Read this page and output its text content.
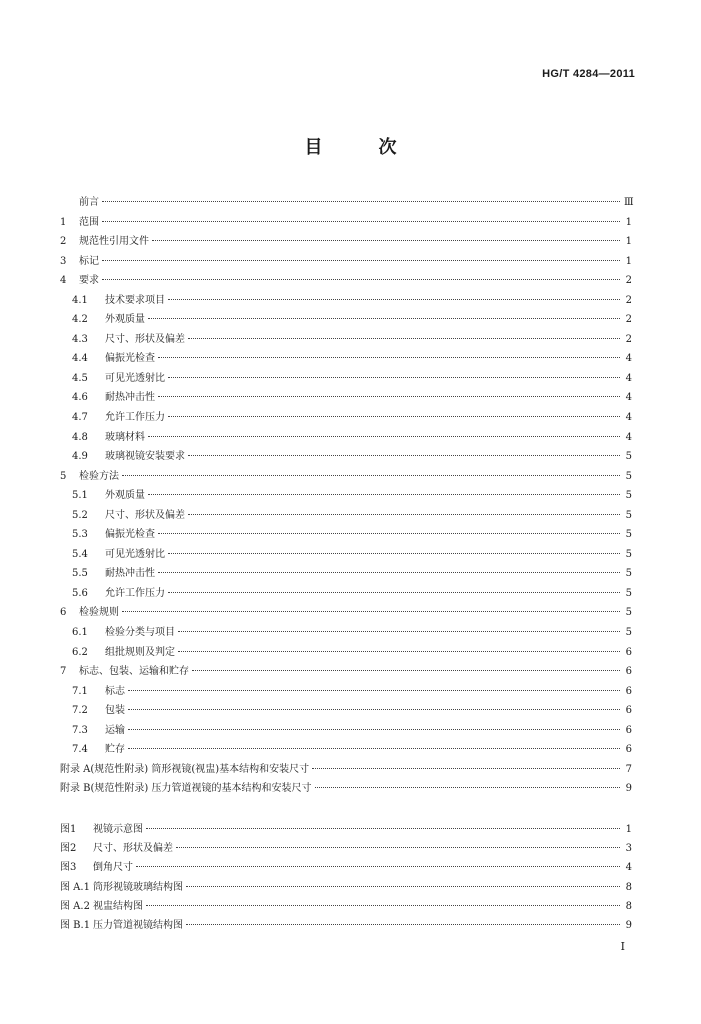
HG/T 4284—2011
目	次
前言	Ⅲ
1	范围	1
2	规范性引用文件	1
3	标记	1
4	要求	2
4.1	技术要求项目	2
4.2	外观质量	2
4.3	尺寸、形状及偏差	2
4.4	偏振光检查	4
4.5	可见光透射比	4
4.6	耐热冲击性	4
4.7	允许工作压力	4
4.8	玻璃材料	4
4.9	玻璃视镜安装要求	5
5	检验方法	5
5.1	外观质量	5
5.2	尺寸、形状及偏差	5
5.3	偏振光检查	5
5.4	可见光透射比	5
5.5	耐热冲击性	5
5.6	允许工作压力	5
6	检验规则	5
6.1	检验分类与项目	5
6.2	组批规则及判定	6
7	标志、包装、运输和贮存	6
7.1	标志	6
7.2	包装	6
7.3	运输	6
7.4	贮存	6
附录 A(规范性附录) 筒形视镜(视盅)基本结构和安装尺寸	7
附录 B(规范性附录) 压力管道视镜的基本结构和安装尺寸	9
图1	视镜示意图	1
图2	尺寸、形状及偏差	3
图3	倒角尺寸	4
图 A.1 筒形视镜玻璃结构图	8
图 A.2 视盅结构图	8
图 B.1 压力管道视镜结构图	9
I
